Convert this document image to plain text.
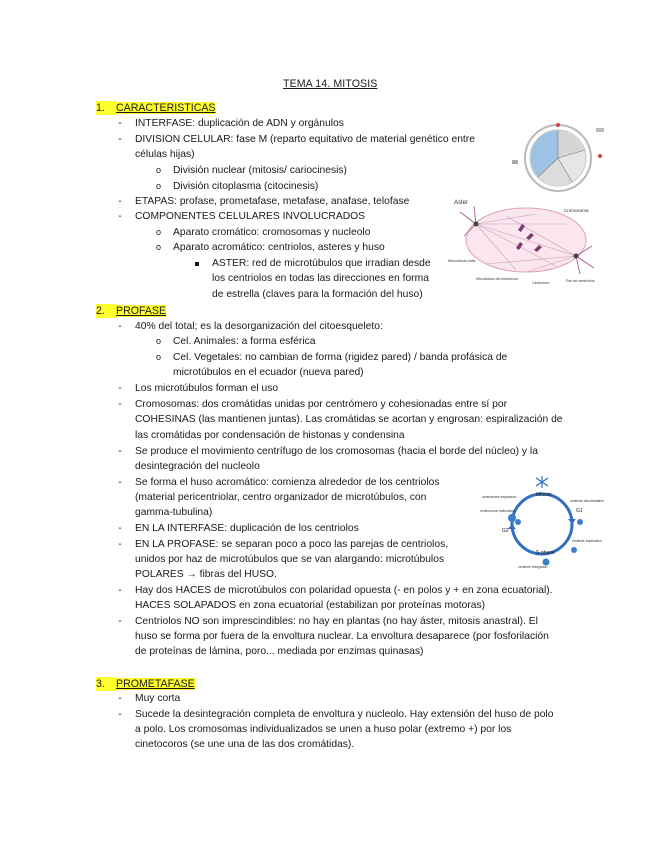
TEMA 14. MITOSIS
1. CARACTERISTICAS
- INTERFASE: duplicación de ADN y orgánulos
- DIVISION CELULAR: fase M (reparto equitativo de material genético entre
células hijas)
o División nuclear (mitosis/ cariocinesis)
o División citoplasma (citocinesis)
- ETAPAS: profase, prometafase, metafase, anafase, telofase
- COMPONENTES CELULARES INVOLUCRADOS
o Aparato cromático: cromosomas y nucleolo
o Aparato acromático: centriolos, asteres y huso
ASTER: red de microtúbulos que irradian desde
los centriolos en todas las direcciones en forma
de estrella (claves para la formación del huso)
2. PROFASE
- 40% del total; es la desorganización del citoesqueleto:
o Cel. Animales: a forma esférica
o Cel. Vegetales: no cambian de forma (rigidez pared) / banda profásica de
microtúbulos en el ecuador (nueva pared)
- Los microtúbulos forman el uso
- Cromosomas: dos cromátidas unidas por centrómero y cohesionadas entre sí por
COHESINAS (las mantienen juntas). Las cromátidas se acortan y engrosan: espiralización de
las cromátidas por condensación de histonas y condensina
- Se produce el movimiento centrífugo de los cromosomas (hacia el borde del núcleo) y la
desintegración del nucleolo
- Se forma el huso acromático: comienza alrededor de los centriolos
(material pericentriolar, centro organizador de microtúbulos, con
gamma-tubulina)
- EN LA INTERFASE: duplicación de los centriolos
- EN LA PROFASE: se separan poco a poco las parejas de centriolos,
unidos por haz de microtúbulos que se van alargando: microtúbulos
POLARES → fibras del HUSO.
- Hay dos HACES de microtúbulos con polaridad opuesta (- en polos y + en zona ecuatorial).
HACES SOLAPADOS en zona ecuatorial (estabilizan por proteínas motoras)
- Centriolos NO son imprescindibles: no hay en plantas (no hay áster, mitosis anastral). El
huso se forma por fuera de la envoltura nuclear. La envoltura desaparece (por fosforilación
de proteínas de lámina, poro... mediada por enzimas quinasas)
3. PROMETAFASE
- Muy corta
- Sucede la desintegración completa de envoltura y nucleolo. Hay extensión del huso de polo
a polo. Los cromosomas individualizados se unen a huso polar (extremo +) por los
cinetocoros (se une una de las dos cromátidas).
Aster
Cromosoma
Microtúbulo polar
Microtúbulo del cinetocoro
Cinetocoro	Par de centriolos
Mitosis
G1
G2
S-phase
centrosome separation
centriole disorientation
centriole duplication
centriole elongation
centrosome maturation
